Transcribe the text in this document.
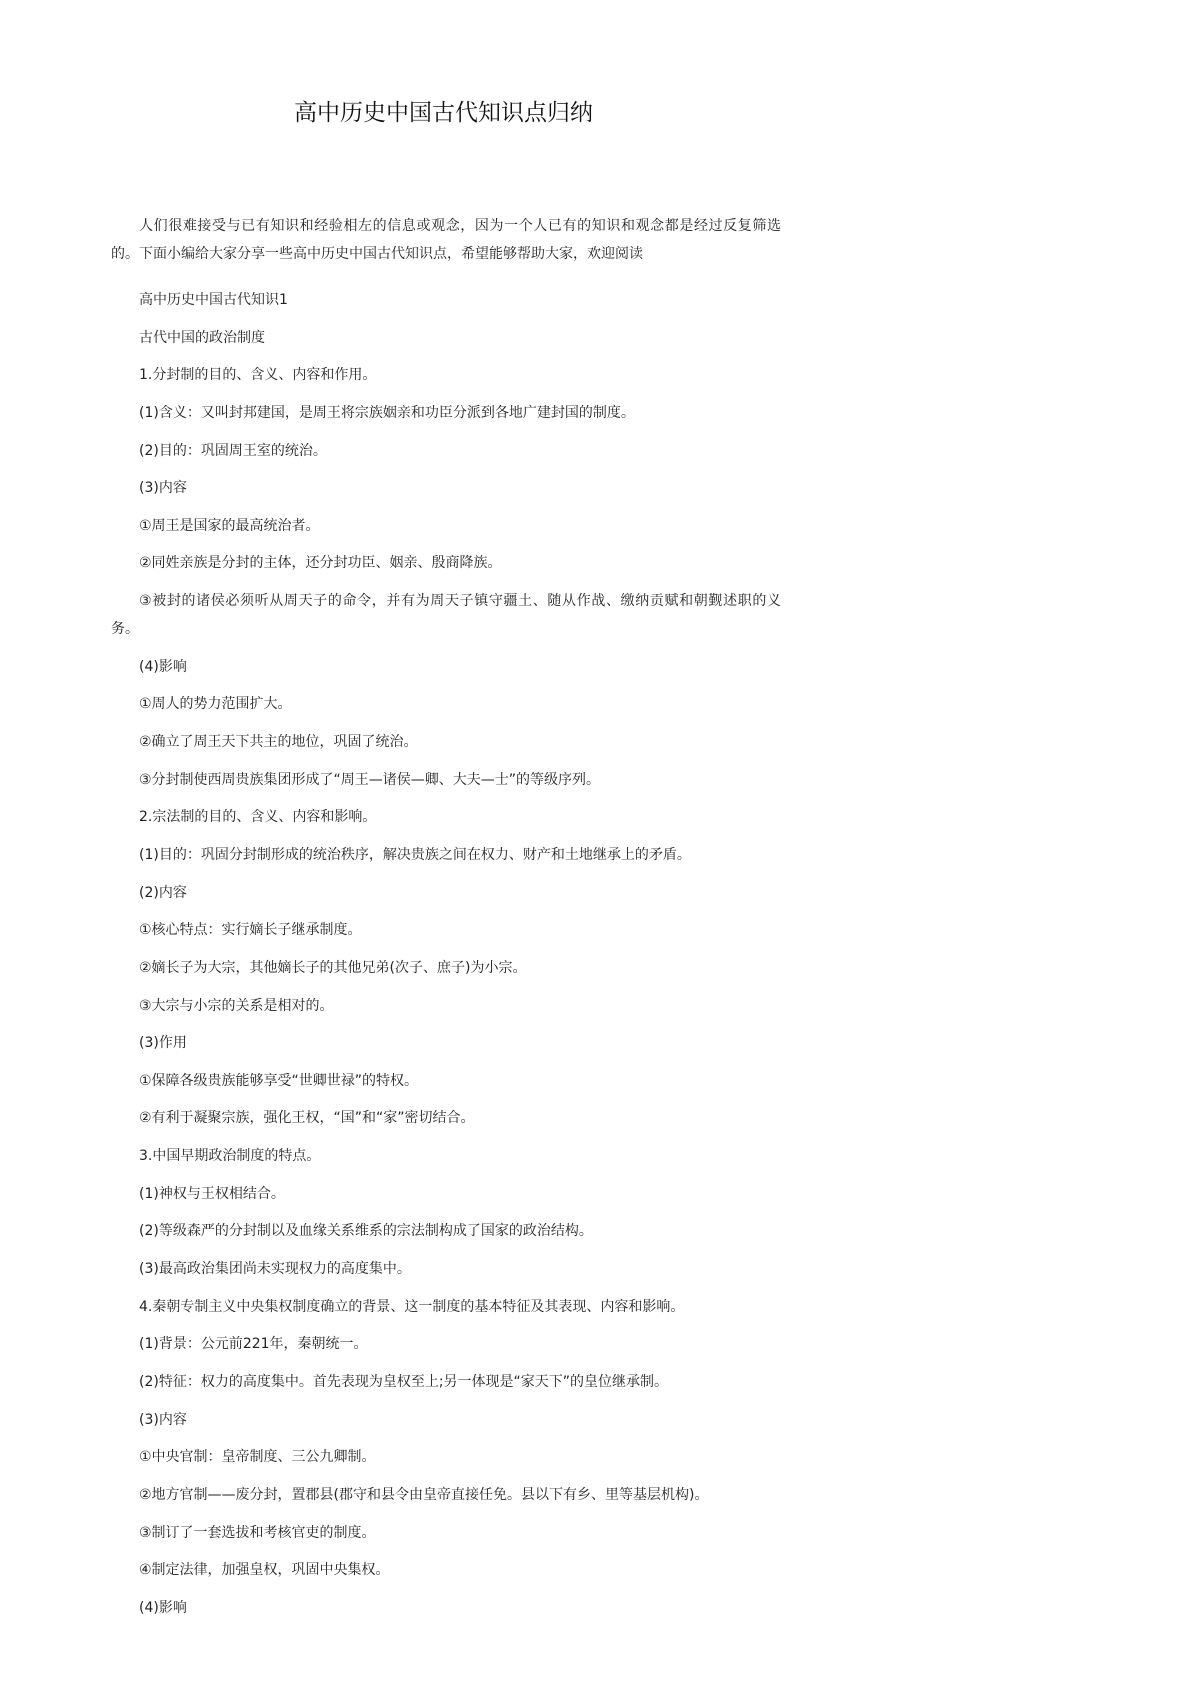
高中历史中国古代知识点归纳

人们很难接受与已有知识和经验相左的信息或观念，因为一个人已有的知识和观念都是经过反复筛选的。下面小编给大家分享一些高中历史中国古代知识点，希望能够帮助大家，欢迎阅读

高中历史中国古代知识1
古代中国的政治制度
1.分封制的目的、含义、内容和作用。
(1)含义：又叫封邦建国，是周王将宗族姻亲和功臣分派到各地广建封国的制度。
(2)目的：巩固周王室的统治。
(3)内容
①周王是国家的最高统治者。
②同姓亲族是分封的主体，还分封功臣、姻亲、殷商降族。
③被封的诸侯必须听从周天子的命令，并有为周天子镇守疆土、随从作战、缴纳贡赋和朝觐述职的义务。
(4)影响
①周人的势力范围扩大。
②确立了周王天下共主的地位，巩固了统治。
③分封制使西周贵族集团形成了“周王—诸侯—卿、大夫—士”的等级序列。
2.宗法制的目的、含义、内容和影响。
(1)目的：巩固分封制形成的统治秩序，解决贵族之间在权力、财产和土地继承上的矛盾。
(2)内容
①核心特点：实行嫡长子继承制度。
②嫡长子为大宗，其他嫡长子的其他兄弟(次子、庶子)为小宗。
③大宗与小宗的关系是相对的。
(3)作用
①保障各级贵族能够享受“世卿世禄”的特权。
②有利于凝聚宗族，强化王权，“国”和“家”密切结合。
3.中国早期政治制度的特点。
(1)神权与王权相结合。
(2)等级森严的分封制以及血缘关系维系的宗法制构成了国家的政治结构。
(3)最高政治集团尚未实现权力的高度集中。
4.秦朝专制主义中央集权制度确立的背景、这一制度的基本特征及其表现、内容和影响。
(1)背景：公元前221年，秦朝统一。
(2)特征：权力的高度集中。首先表现为皇权至上;另一体现是“家天下”的皇位继承制。
(3)内容
①中央官制：皇帝制度、三公九卿制。
②地方官制——废分封，置郡县(郡守和县令由皇帝直接任免。县以下有乡、里等基层机构)。
③制订了一套选拔和考核官吏的制度。
④制定法律，加强皇权，巩固中央集权。
(4)影响
